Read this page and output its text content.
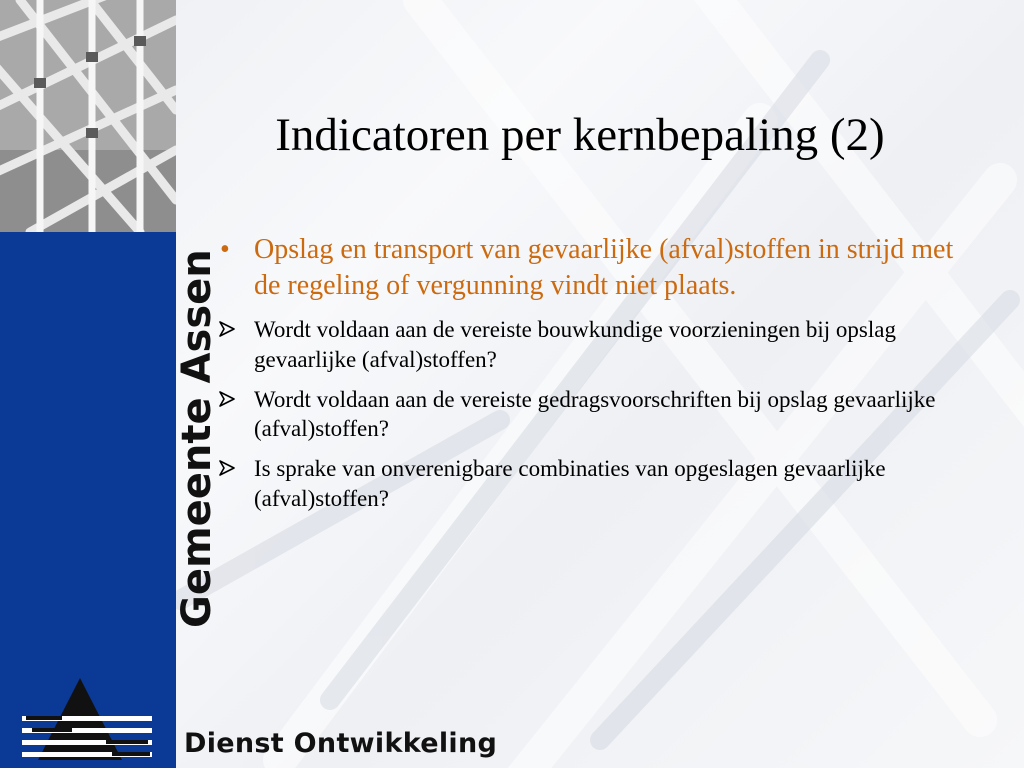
Gemeente Assen
Dienst Ontwikkeling
Indicatoren per kernbepaling (2)
• Opslag en transport van gevaarlijke (afval)stoffen in strijd met de regeling of vergunning vindt niet plaats.
Wordt voldaan aan de vereiste bouwkundige voorzieningen bij opslag gevaarlijke (afval)stoffen?
Wordt voldaan aan de vereiste gedragsvoorschriften bij opslag gevaarlijke (afval)stoffen?
Is sprake van onverenigbare combinaties van opgeslagen gevaarlijke (afval)stoffen?
